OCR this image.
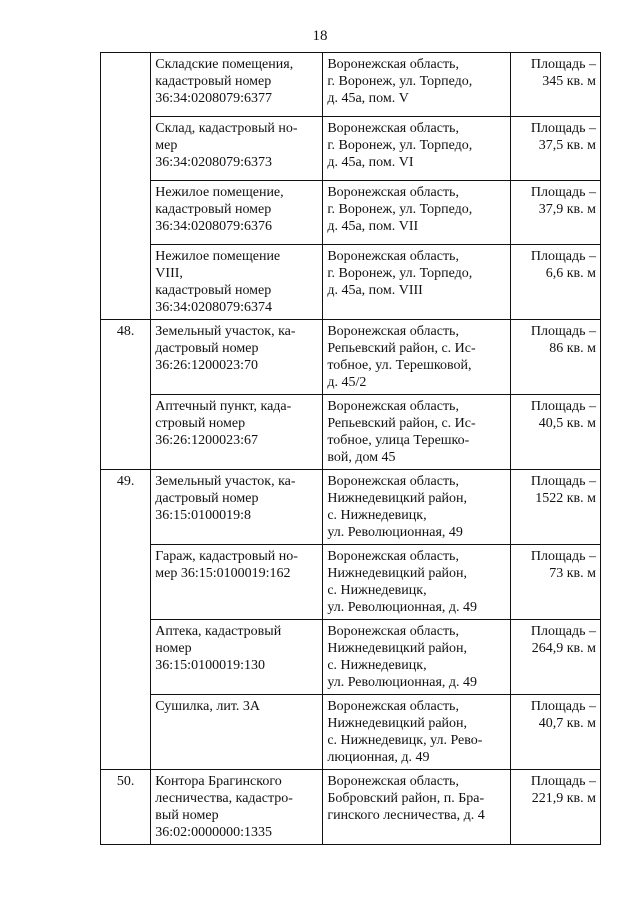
18

	Складские помещения,
кадастровый номер
36:34:0208079:6377	Воронежская область,
г. Воронеж, ул. Торпедо,
д. 45а, пом. V	Площадь –
345 кв. м

	Склад, кадастровый но-
мер
36:34:0208079:6373	Воронежская область,
г. Воронеж, ул. Торпедо,
д. 45а, пом. VI	Площадь –
37,5 кв. м

	Нежилое помещение,
кадастровый номер
36:34:0208079:6376	Воронежская область,
г. Воронеж, ул. Торпедо,
д. 45а, пом. VII	Площадь –
37,9 кв. м

	Нежилое помещение
VIII,
кадастровый номер
36:34:0208079:6374	Воронежская область,
г. Воронеж, ул. Торпедо,
д. 45а, пом. VIII	Площадь –
6,6 кв. м

48.	Земельный участок, ка-
дастровый номер
36:26:1200023:70	Воронежская область,
Репьевский район, с. Ис-
тобное, ул. Терешковой,
д. 45/2	Площадь –
86 кв. м

	Аптечный пункт, када-
стровый номер
36:26:1200023:67	Воронежская область,
Репьевский район, с. Ис-
тобное, улица Терешко-
вой, дом 45	Площадь –
40,5 кв. м

49.	Земельный участок, ка-
дастровый номер
36:15:0100019:8	Воронежская область,
Нижнедевицкий район,
с. Нижнедевицк,
ул. Революционная, 49	Площадь –
1522 кв. м

	Гараж, кадастровый но-
мер 36:15:0100019:162	Воронежская область,
Нижнедевицкий район,
с. Нижнедевицк,
ул. Революционная, д. 49	Площадь –
73 кв. м

	Аптека, кадастровый
номер
36:15:0100019:130	Воронежская область,
Нижнедевицкий район,
с. Нижнедевицк,
ул. Революционная, д. 49	Площадь –
264,9 кв. м

	Сушилка, лит. 3А	Воронежская область,
Нижнедевицкий район,
с. Нижнедевицк, ул. Рево-
люционная, д. 49	Площадь –
40,7 кв. м

50.	Контора Брагинского
лесничества, кадастро-
вый номер
36:02:0000000:1335	Воронежская область,
Бобровский район, п. Бра-
гинского лесничества, д. 4	Площадь –
221,9 кв. м
